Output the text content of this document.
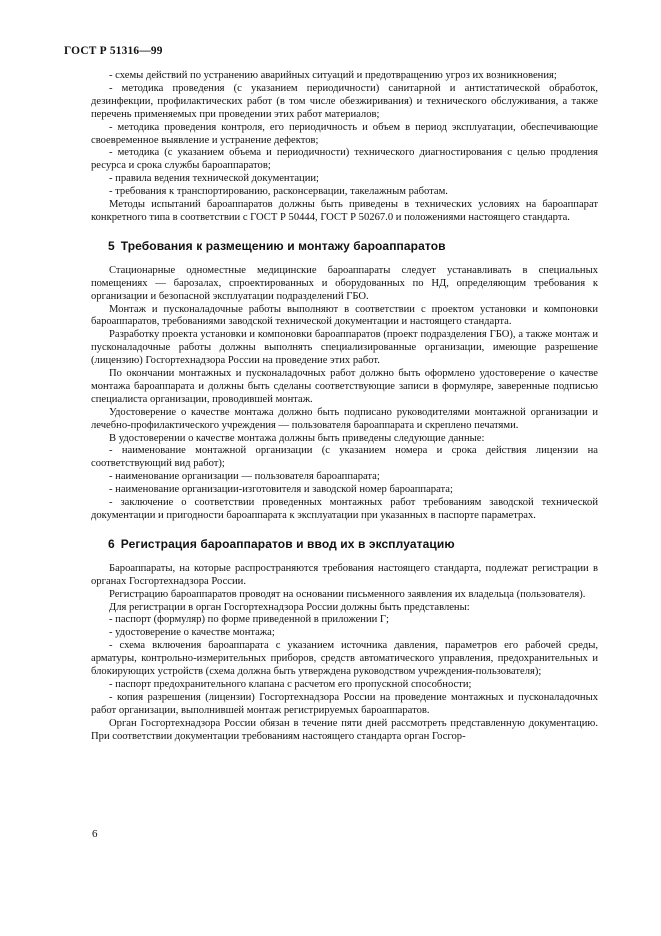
ГОСТ Р 51316—99

- схемы действий по устранению аварийных ситуаций и предотвращению угроз их возникновения;

- методика проведения (с указанием периодичности) санитарной и антистатической обработок, дезинфекции, профилактических работ (в том числе обезжиривания) и технического обслуживания, а также перечень применяемых при проведении этих работ материалов;

- методика проведения контроля, его периодичность и объем в период эксплуатации, обеспечивающие своевременное выявление и устранение дефектов;

- методика (с указанием объема и периодичности) технического диагностирования с целью продления ресурса и срока службы бароаппаратов;

- правила ведения технической документации;

- требования к транспортированию, расконсервации, такелажным работам.

Методы испытаний бароаппаратов должны быть приведены в технических условиях на бароаппарат конкретного типа в соответствии с ГОСТ Р 50444, ГОСТ Р 50267.0 и положениями настоящего стандарта.

5 Требования к размещению и монтажу бароаппаратов

Стационарные одноместные медицинские бароаппараты следует устанавливать в специальных помещениях — барозалах, спроектированных и оборудованных по НД, определяющим требования к организации и безопасной эксплуатации подразделений ГБО.

Монтаж и пусконаладочные работы выполняют в соответствии с проектом установки и компоновки бароаппаратов, требованиями заводской технической документации и настоящего стандарта.

Разработку проекта установки и компоновки бароаппаратов (проект подразделения ГБО), а также монтаж и пусконаладочные работы должны выполнять специализированные организации, имеющие разрешение (лицензию) Госгортехнадзора России на проведение этих работ.

По окончании монтажных и пусконаладочных работ должно быть оформлено удостоверение о качестве монтажа бароаппарата и должны быть сделаны соответствующие записи в формуляре, заверенные подписью специалиста организации, проводившей монтаж.

Удостоверение о качестве монтажа должно быть подписано руководителями монтажной организации и лечебно-профилактического учреждения — пользователя бароаппарата и скреплено печатями.

В удостоверении о качестве монтажа должны быть приведены следующие данные:

- наименование монтажной организации (с указанием номера и срока действия лицензии на соответствующий вид работ);

- наименование организации — пользователя бароаппарата;

- наименование организации-изготовителя и заводской номер бароаппарата;

- заключение о соответствии проведенных монтажных работ требованиям заводской технической документации и пригодности бароаппарата к эксплуатации при указанных в паспорте параметрах.

6 Регистрация бароаппаратов и ввод их в эксплуатацию

Бароаппараты, на которые распространяются требования настоящего стандарта, подлежат регистрации в органах Госгортехнадзора России.

Регистрацию бароаппаратов проводят на основании письменного заявления их владельца (пользователя).

Для регистрации в орган Госгортехнадзора России должны быть представлены:

- паспорт (формуляр) по форме приведенной в приложении Г;

- удостоверение о качестве монтажа;

- схема включения бароаппарата с указанием источника давления, параметров его рабочей среды, арматуры, контрольно-измерительных приборов, средств автоматического управления, предохранительных и блокирующих устройств (схема должна быть утверждена руководством учреждения-пользователя);

- паспорт предохранительного клапана с расчетом его пропускной способности;

- копия разрешения (лицензии) Госгортехнадзора России на проведение монтажных и пусконаладочных работ организации, выполнившей монтаж регистрируемых бароаппаратов.

Орган Госгортехнадзора России обязан в течение пяти дней рассмотреть представленную документацию. При соответствии документации требованиям настоящего стандарта орган Госгор-

6
